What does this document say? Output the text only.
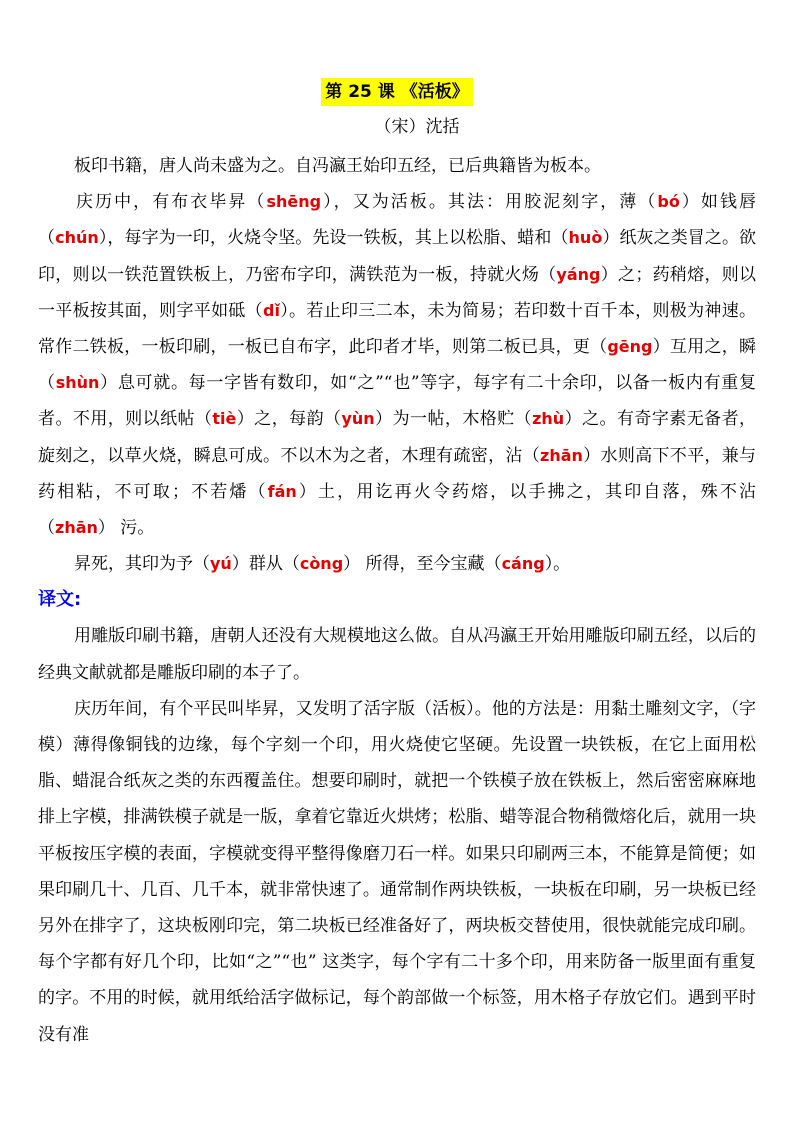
第 25 课 《活板》
（宋）沈括

板印书籍，唐人尚未盛为之。自冯瀛王始印五经，已后典籍皆为板本。

庆历中，有布衣毕昇（shēng），又为活板。其法：用胶泥刻字，薄（bó）如钱唇（chún），每字为一印，火烧令坚。先设一铁板，其上以松脂、蜡和（huò）纸灰之类冒之。欲印，则以一铁范置铁板上，乃密布字印，满铁范为一板，持就火炀（yáng）之；药稍熔，则以一平板按其面，则字平如砥（dǐ）。若止印三二本，未为简易；若印数十百千本，则极为神速。常作二铁板，一板印刷，一板已自布字，此印者才毕，则第二板已具，更（gēng）互用之，瞬（shùn）息可就。每一字皆有数印，如“之”“也”等字，每字有二十余印，以备一板内有重复者。不用，则以纸帖（tiè）之，每韵（yùn）为一帖，木格贮（zhù）之。有奇字素无备者，旋刻之，以草火烧，瞬息可成。不以木为之者，木理有疏密，沾（zhān）水则高下不平，兼与药相粘，不可取；不若燔（fán）土，用讫再火令药熔，以手拂之，其印自落，殊不沾（zhān） 污。

昇死，其印为予（yú）群从（còng） 所得，至今宝藏（cáng）。

译文:

用雕版印刷书籍，唐朝人还没有大规模地这么做。自从冯瀛王开始用雕版印刷五经，以后的经典文献就都是雕版印刷的本子了。

庆历年间，有个平民叫毕昇，又发明了活字版（活板）。他的方法是：用黏土雕刻文字，（字模）薄得像铜钱的边缘，每个字刻一个印，用火烧使它坚硬。先设置一块铁板，在它上面用松脂、蜡混合纸灰之类的东西覆盖住。想要印刷时，就把一个铁模子放在铁板上，然后密密麻麻地排上字模，排满铁模子就是一版，拿着它靠近火烘烤；松脂、蜡等混合物稍微熔化后，就用一块平板按压字模的表面，字模就变得平整得像磨刀石一样。如果只印刷两三本，不能算是简便；如果印刷几十、几百、几千本，就非常快速了。通常制作两块铁板，一块板在印刷，另一块板已经另外在排字了，这块板刚印完，第二块板已经准备好了，两块板交替使用，很快就能完成印刷。每个字都有好几个印，比如“之”“也” 这类字，每个字有二十多个印，用来防备一版里面有重复的字。不用的时候，就用纸给活字做标记，每个韵部做一个标签，用木格子存放它们。遇到平时没有准
